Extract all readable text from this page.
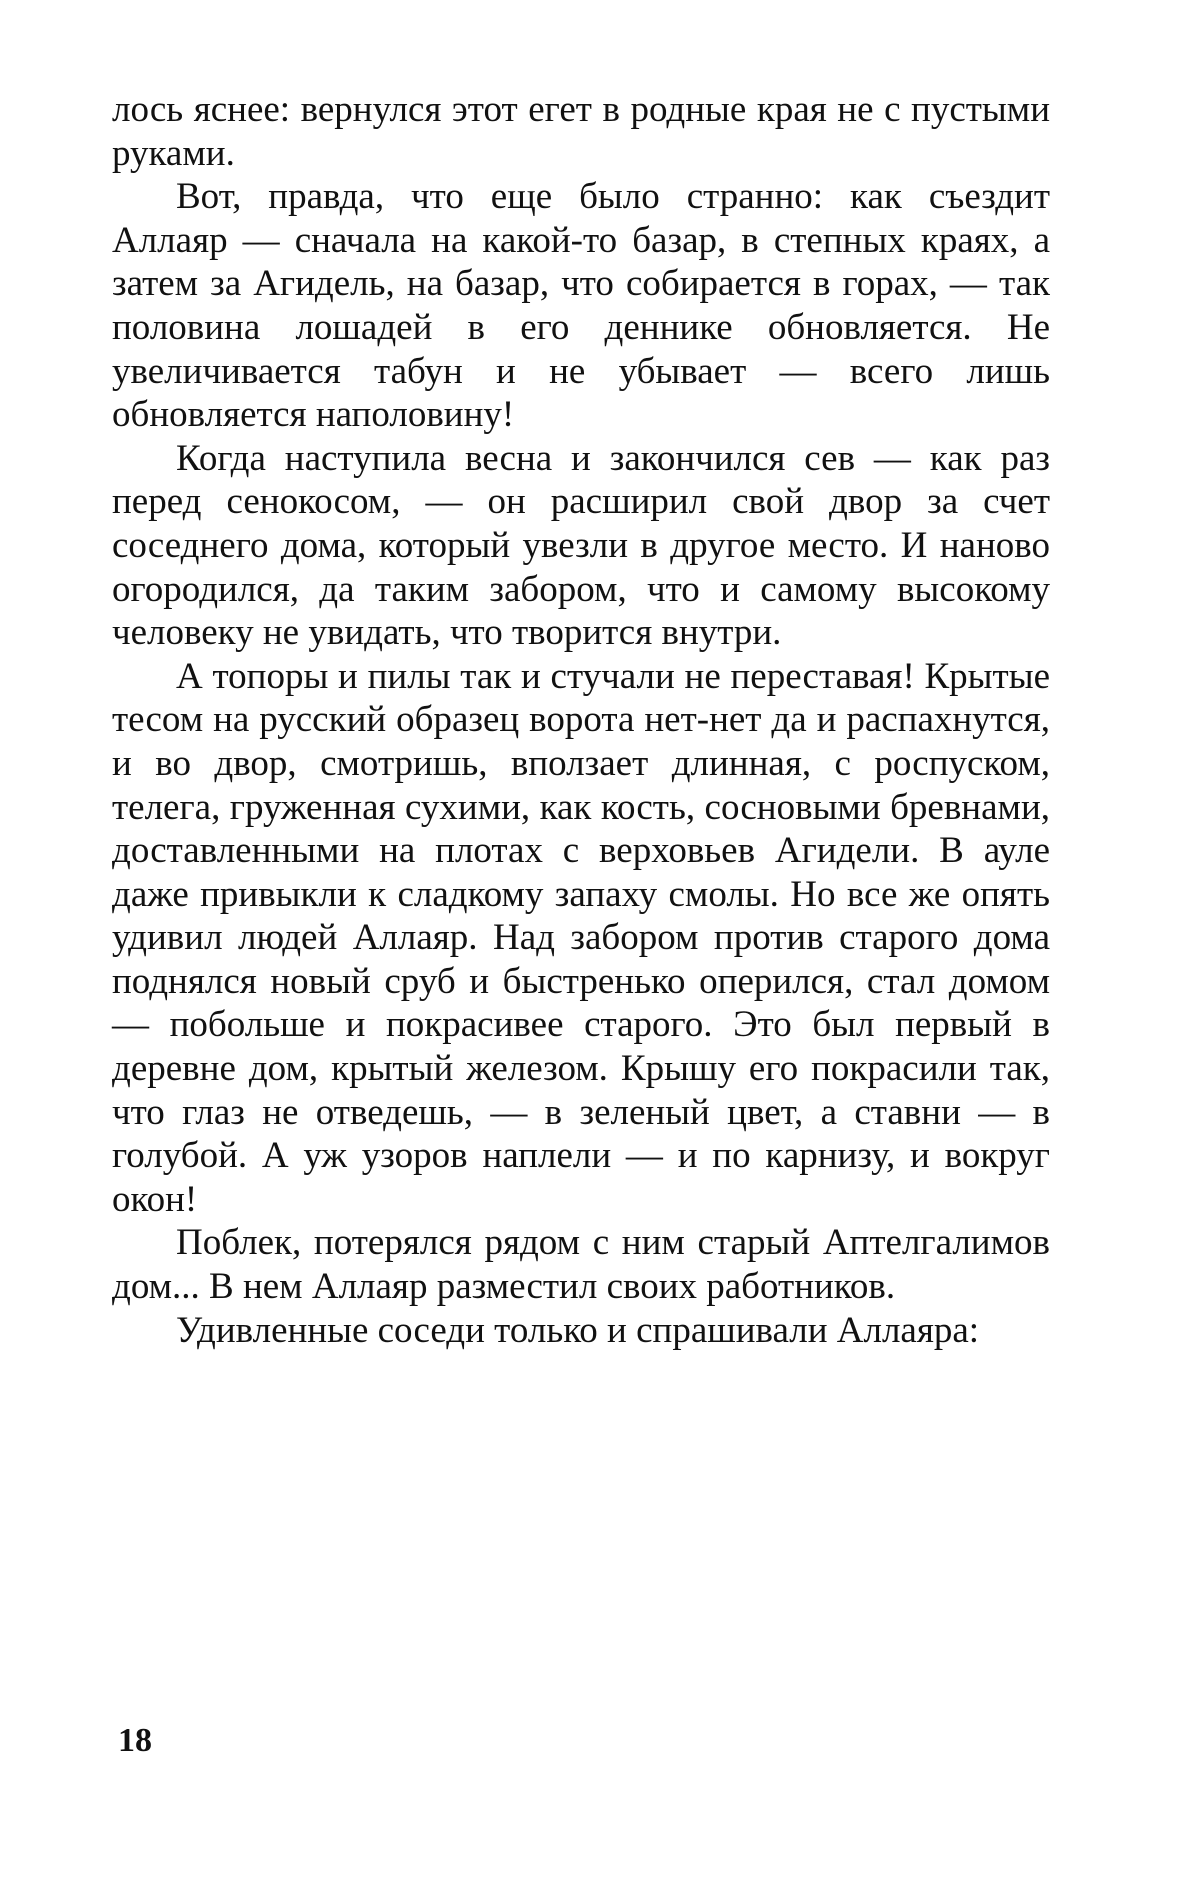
лось яснее: вернулся этот егет в родные края не с пустыми руками.

Вот, правда, что еще было странно: как съездит Аллаяр — сначала на какой-то базар, в степных краях, а затем за Агидель, на базар, что собирается в горах, — так половина лошадей в его деннике обновляется. Не увеличивается табун и не убывает — всего лишь обновляется наполовину!

Когда наступила весна и закончился сев — как раз перед сенокосом, — он расширил свой двор за счет соседнего дома, который увезли в другое место. И наново огородился, да таким забором, что и самому высокому человеку не увидать, что творится внутри.

А топоры и пилы так и стучали не переставая! Крытые тесом на русский образец ворота нет-нет да и распахнутся, и во двор, смотришь, вползает длинная, с роспуском, телега, груженная сухими, как кость, сосновыми бревнами, доставленными на плотах с верховьев Агидели. В ауле даже привыкли к сладкому запаху смолы. Но все же опять удивил людей Аллаяр. Над забором против старого дома поднялся новый сруб и быстренько оперился, стал домом — побольше и покрасивее старого. Это был первый в деревне дом, крытый железом. Крышу его покрасили так, что глаз не отведешь, — в зеленый цвет, а ставни — в голубой. А уж узоров наплели — и по карнизу, и вокруг окон!

Поблек, потерялся рядом с ним старый Аптелгалимов дом... В нем Аллаяр разместил своих работников.

Удивленные соседи только и спрашивали Аллаяра:

18
